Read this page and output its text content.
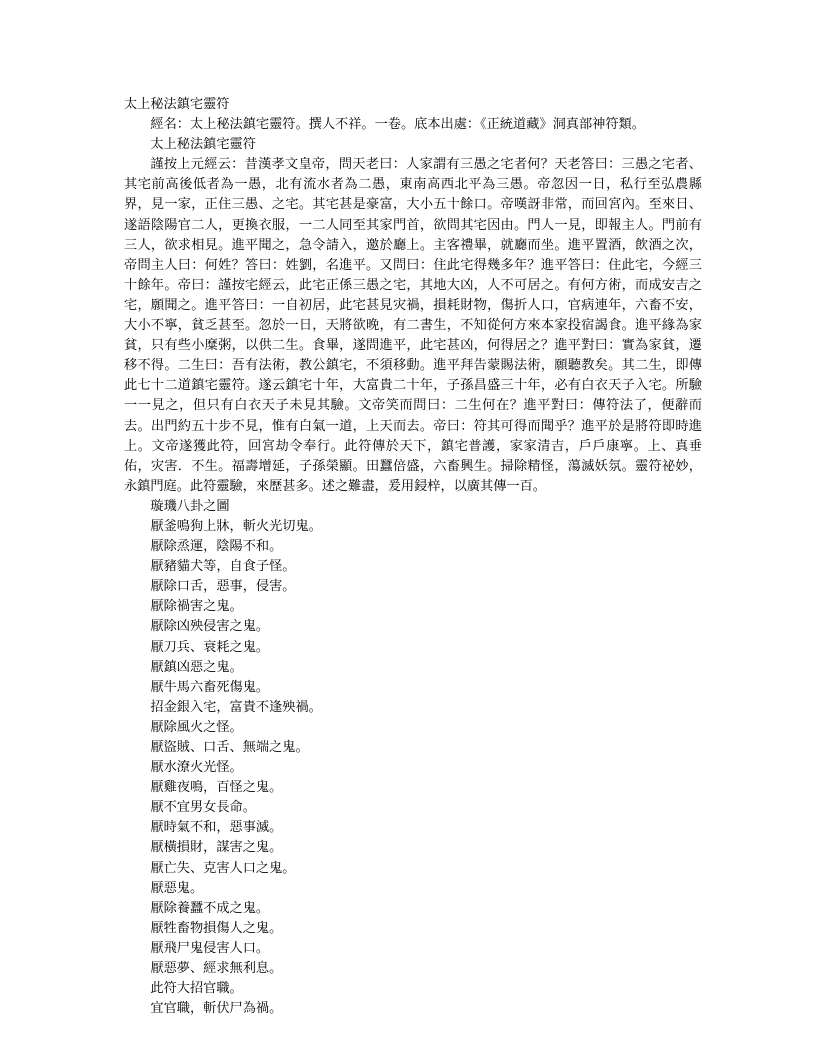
太上秘法鎮宅靈符
經名：太上秘法鎮宅靈符。撰人不祥。一卷。底本出處：《正統道藏》洞真部神符類。
太上秘法鎮宅靈符
謹按上元經云：昔漢孝文皇帝，問天老曰：人家謂有三愚之宅者何？天老答曰：三愚之宅者、其宅前高後低者為一愚，北有流水者為二愚，東南高西北平為三愚。帝忽因一日，私行至弘農縣界，見一家，正住三愚、之宅。其宅甚是豪富，大小五十餘口。帝嘆訝非常，而回宮內。至來日、遂語陰陽官二人，更換衣服，一二人同至其家門首，欲問其宅因由。門人一見，即報主人。門前有三人，欲求相見。進平聞之，急令請入，邀於廳上。主客禮畢，就廳而坐。進平置酒，飲酒之次，帝問主人曰：何姓？答曰：姓劉，名進平。又問曰：住此宅得幾多年？進平答曰：住此宅，今經三十餘年。帝曰：謹按宅經云，此宅正係三愚之宅，其地大凶，人不可居之。有何方術，而成安吉之宅，願聞之。進平答曰：一自初居，此宅甚見灾禍，損耗財物，傷折人口，官病連年，六畜不安，大小不寧，貧乏甚至。忽於一日，天將欲晚，有二書生，不知從何方來本家投宿謁食。進平緣為家貧，只有些小糜粥，以供二生。食畢，遂問進平，此宅甚凶，何得居之？進平對曰：實為家貧，遷移不得。二生曰：吾有法術，教公鎮宅，不須移動。進平拜告蒙賜法術，願聽教矣。其二生，即傳此七十二道鎮宅靈符。遂云鎮宅十年，大富貴二十年，子孫昌盛三十年，必有白衣天子入宅。所驗一一見之，但只有白衣天子未見其驗。文帝笑而問曰：二生何在？進平對曰：傳符法了，便辭而去。出門約五十步不見，惟有白氣一道，上天而去。帝曰：符其可得而聞乎？進平於是將符即時進上。文帝遂獲此符，回宮劫令奉行。此符傳於天下，鎮宅普護，家家清吉，戶戶康寧。上、真垂佑，灾害．不生。福壽增延，子孫榮顯。田蠶倍盛，六畜興生。掃除精怪，蕩滅妖氛。靈符祕妙，永鎮門庭。此符靈驗，來歷甚多。述之難盡，爰用鋟梓，以廣其傳一百。
璇璣八卦之圖
厭釜鳴狗上牀，斬火光切鬼。
厭除烝運，陰陽不和。
厭豬貓犬等，自食子怪。
厭除口舌，惡事，侵害。
厭除禍害之鬼。
厭除凶殃侵害之鬼。
厭刀兵、衰耗之鬼。
厭鎮凶惡之鬼。
厭牛馬六畜死傷鬼。
招金銀入宅，富貴不逢殃禍。
厭除風火之怪。
厭盜賊、口舌、無端之鬼。
厭水潦火光怪。
厭雞夜鳴，百怪之鬼。
厭不宜男女長命。
厭時氣不和，惡事滅。
厭橫損財，謀害之鬼。
厭亡失、克害人口之鬼。
厭惡鬼。
厭除養蠶不成之鬼。
厭牲畜物損傷人之鬼。
厭飛尸鬼侵害人口。
厭惡夢、經求無利息。
此符大招官職。
宜官職，斬伏尸為禍。
